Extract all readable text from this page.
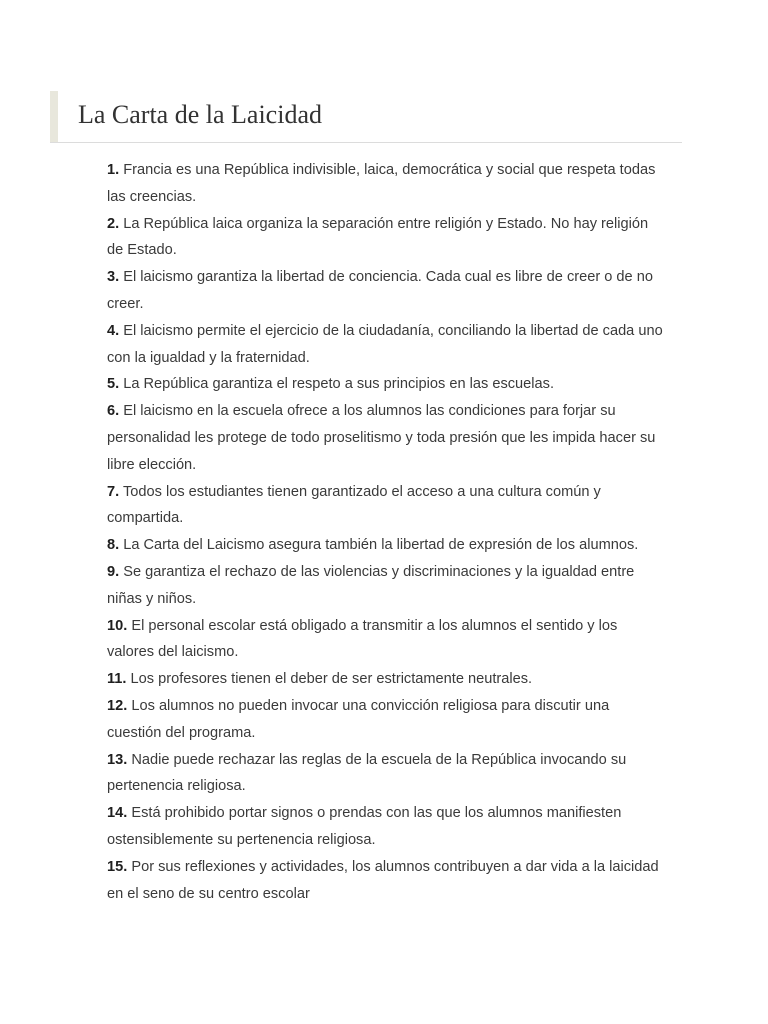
La Carta de la Laicidad
1. Francia es una República indivisible, laica, democrática y social que respeta todas las creencias.
2. La República laica organiza la separación entre religión y Estado. No hay religión de Estado.
3. El laicismo garantiza la libertad de conciencia. Cada cual es libre de creer o de no creer.
4. El laicismo permite el ejercicio de la ciudadanía, conciliando la libertad de cada uno con la igualdad y la fraternidad.
5. La República garantiza el respeto a sus principios en las escuelas.
6. El laicismo en la escuela ofrece a los alumnos las condiciones para forjar su personalidad les protege de todo proselitismo y toda presión que les impida hacer su libre elección.
7. Todos los estudiantes tienen garantizado el acceso a una cultura común y compartida.
8. La Carta del Laicismo asegura también la libertad de expresión de los alumnos.
9. Se garantiza el rechazo de las violencias y discriminaciones y la igualdad entre niñas y niños.
10. El personal escolar está obligado a transmitir a los alumnos el sentido y los valores del laicismo.
11. Los profesores tienen el deber de ser estrictamente neutrales.
12. Los alumnos no pueden invocar una convicción religiosa para discutir una cuestión del programa.
13. Nadie puede rechazar las reglas de la escuela de la República invocando su pertenencia religiosa.
14. Está prohibido portar signos o prendas con las que los alumnos manifiesten ostensiblemente su pertenencia religiosa.
15. Por sus reflexiones y actividades, los alumnos contribuyen a dar vida a la laicidad en el seno de su centro escolar
